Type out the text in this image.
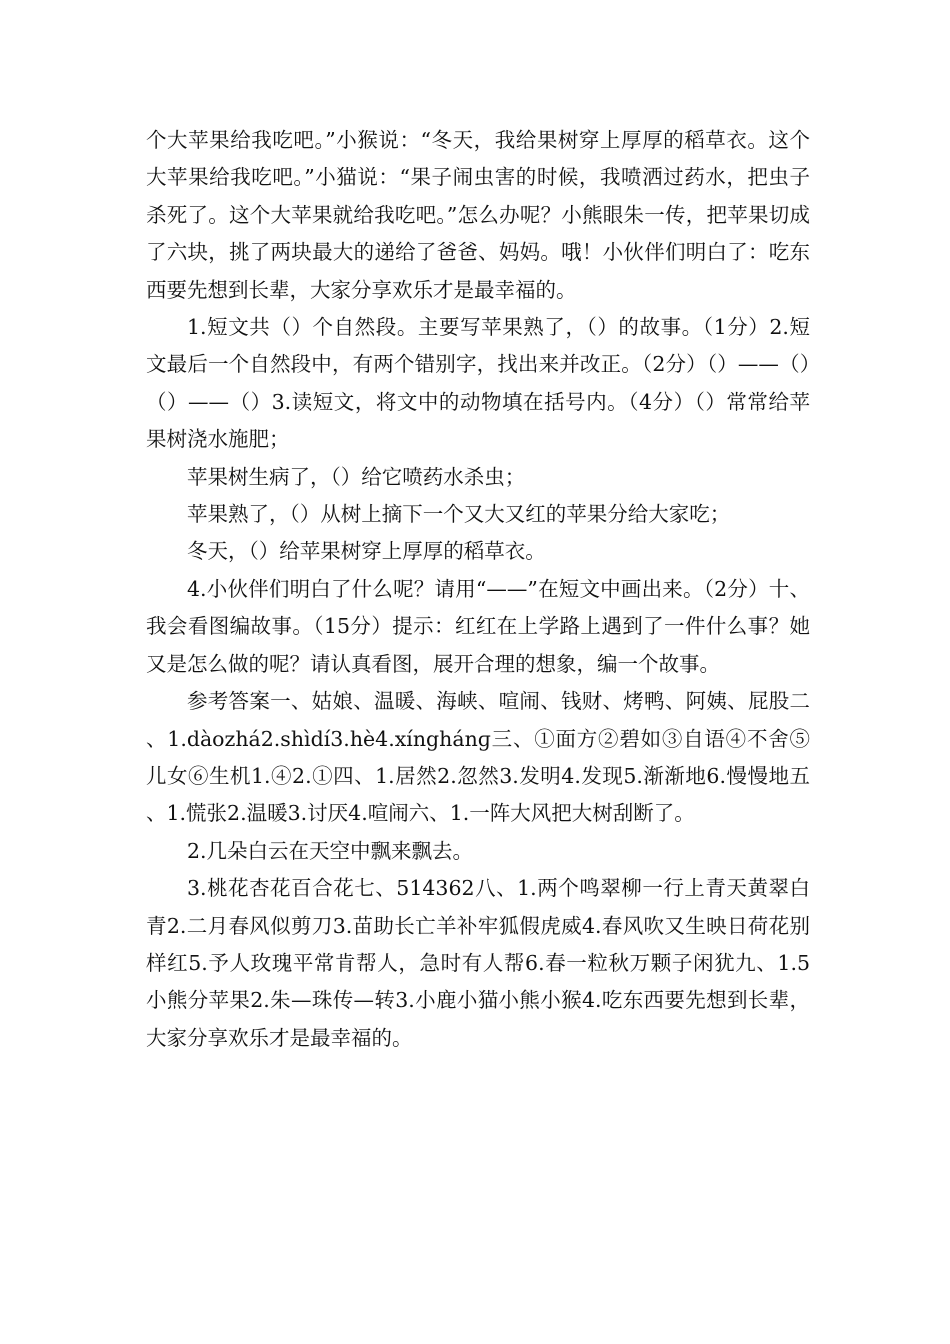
个大苹果给我吃吧。”小猴说：“冬天，我给果树穿上厚厚的稻草衣。这个大苹果给我吃吧。”小猫说：“果子闹虫害的时候，我喷洒过药水，把虫子杀死了。这个大苹果就给我吃吧。”怎么办呢？小熊眼朱一传，把苹果切成了六块，挑了两块最大的递给了爸爸、妈妈。哦！小伙伴们明白了：吃东西要先想到长辈，大家分享欢乐才是最幸福的。

1.短文共（）个自然段。主要写苹果熟了，（）的故事。（1分）2.短文最后一个自然段中，有两个错别字，找出来并改正。（2分）（）——（）（）——（）3.读短文，将文中的动物填在括号内。（4分）（）常常给苹果树浇水施肥；

苹果树生病了，（）给它喷药水杀虫；

苹果熟了，（）从树上摘下一个又大又红的苹果分给大家吃；

冬天，（）给苹果树穿上厚厚的稻草衣。

4.小伙伴们明白了什么呢？请用“——”在短文中画出来。（2分）十、我会看图编故事。（15分）提示：红红在上学路上遇到了一件什么事？她又是怎么做的呢？请认真看图，展开合理的想象，编一个故事。

参考答案一、姑娘、温暖、海峡、喧闹、钱财、烤鸭、阿姨、屁股二、1.dàozhá2.shìdí3.hè4.xínghánɡ三、①面方②碧如③自语④不舍⑤儿女⑥生机1.④2.①四、1.居然2.忽然3.发明4.发现5.渐渐地6.慢慢地五、1.慌张2.温暖3.讨厌4.喧闹六、1.一阵大风把大树刮断了。

2.几朵白云在天空中飘来飘去。

3.桃花杏花百合花七、514362八、1.两个鸣翠柳一行上青天黄翠白青2.二月春风似剪刀3.苗助长亡羊补牢狐假虎威4.春风吹又生映日荷花别样红5.予人玫瑰平常肯帮人，急时有人帮6.春一粒秋万颗子闲犹九、1.5小熊分苹果2.朱—珠传—转3.小鹿小猫小熊小猴4.吃东西要先想到长辈，大家分享欢乐才是最幸福的。
